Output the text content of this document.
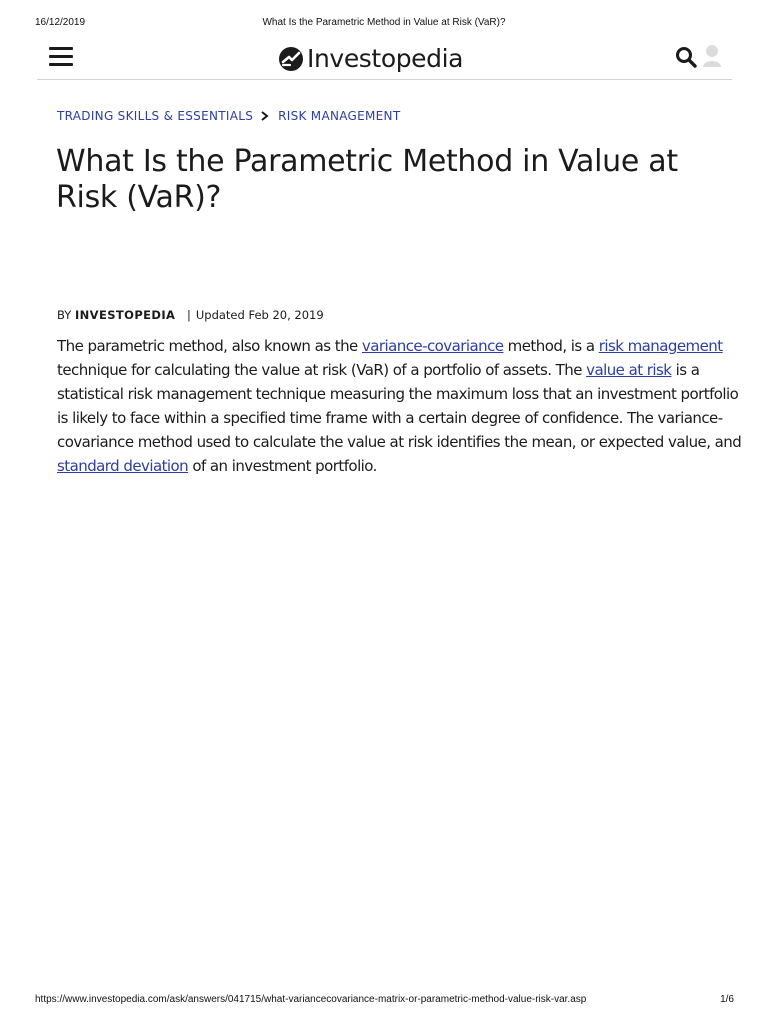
16/12/2019	What Is the Parametric Method in Value at Risk (VaR)?
Investopedia
TRADING SKILLS & ESSENTIALS RISK MANAGEMENT
What Is the Parametric Method in Value at Risk (VaR)?
BY INVESTOPEDIA | Updated Feb 20, 2019

The parametric method, also known as the variance-covariance method, is a risk management technique for calculating the value at risk (VaR) of a portfolio of assets. The value at risk is a statistical risk management technique measuring the maximum loss that an investment portfolio is likely to face within a specified time frame with a certain degree of confidence. The variance-covariance method used to calculate the value at risk identifies the mean, or expected value, and standard deviation of an investment portfolio.

https://www.investopedia.com/ask/answers/041715/what-variancecovariance-matrix-or-parametric-method-value-risk-var.asp	1/6
